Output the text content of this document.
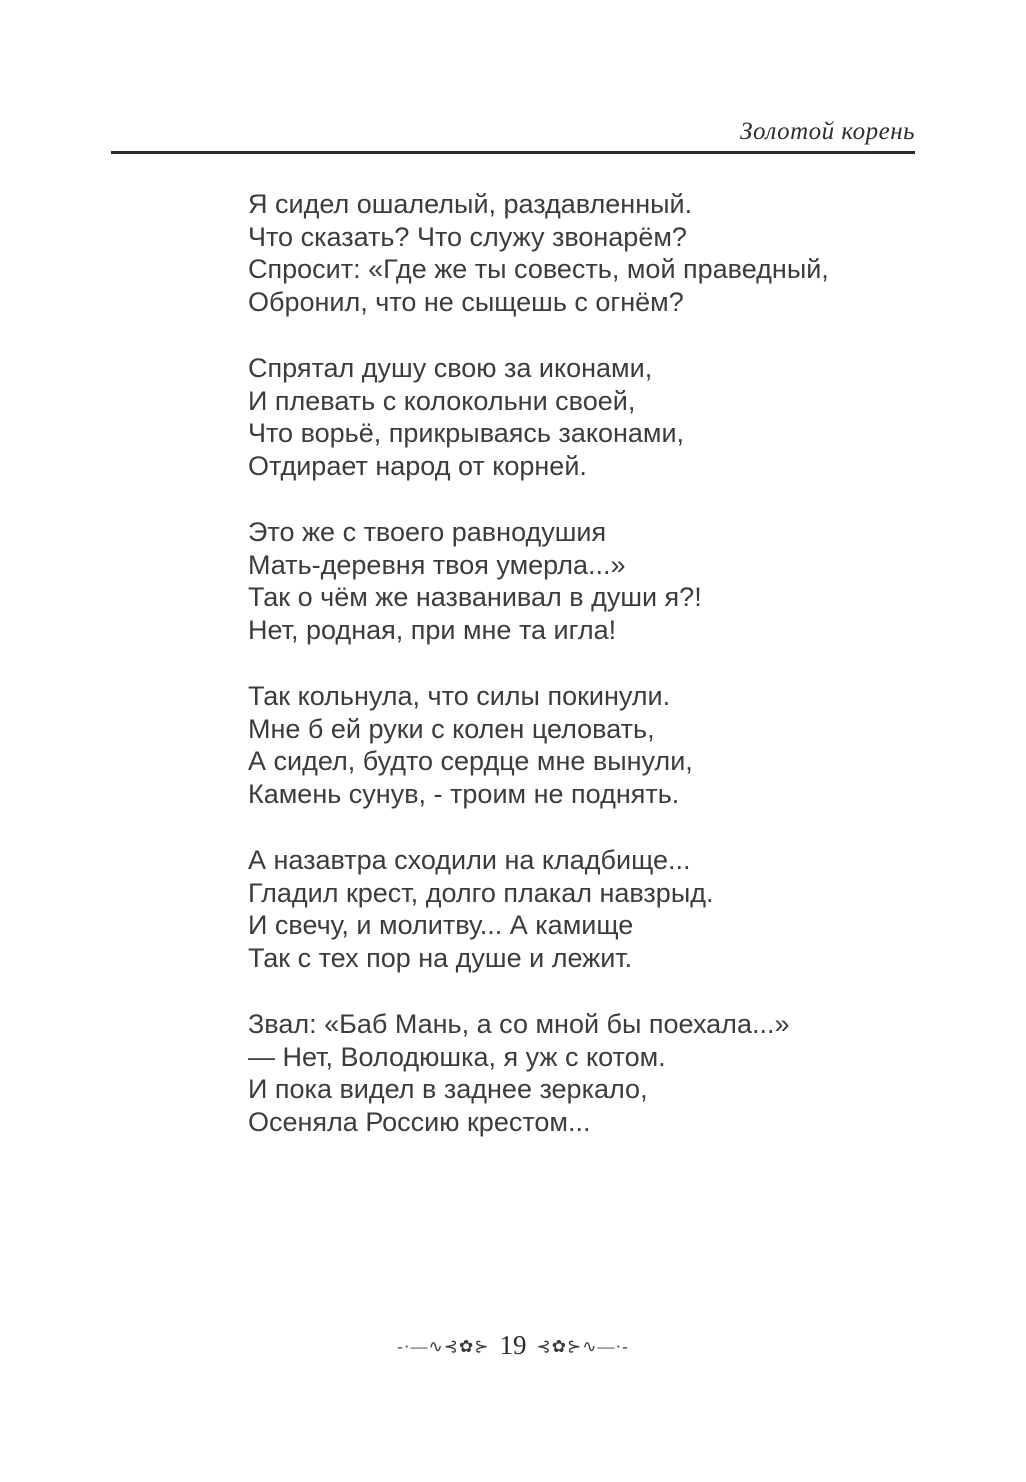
Золотой корень

Я сидел ошалелый, раздавленный.

Что сказать? Что служу звонарём?

Спросит: «Где же ты совесть, мой праведный,

Обронил, что не сыщешь с огнём?

Спрятал душу свою за иконами,

И плевать с колокольни своей,

Что ворьё, прикрываясь законами,

Отдирает народ от корней.

Это же с твоего равнодушия

Мать-деревня твоя умерла...»

Так о чём же названивал в души я?!

Нет, родная, при мне та игла!

Так кольнула, что силы покинули.

Мне б ей руки с колен целовать,

А сидел, будто сердце мне вынули,

Камень сунув, - троим не поднять.

А назавтра сходили на кладбище...

Гладил крест, долго плакал навзрыд.

И свечу, и молитву... А камище

Так с тех пор на душе и лежит.

Звал: «Баб Мань, а со мной бы поехала...»

— Нет, Володюшка, я уж с котом.

И пока видел в заднее зеркало,

Осеняла Россию крестом...

-·—∿⊰✿⊱ 19 ⊰✿⊱∿—·-
